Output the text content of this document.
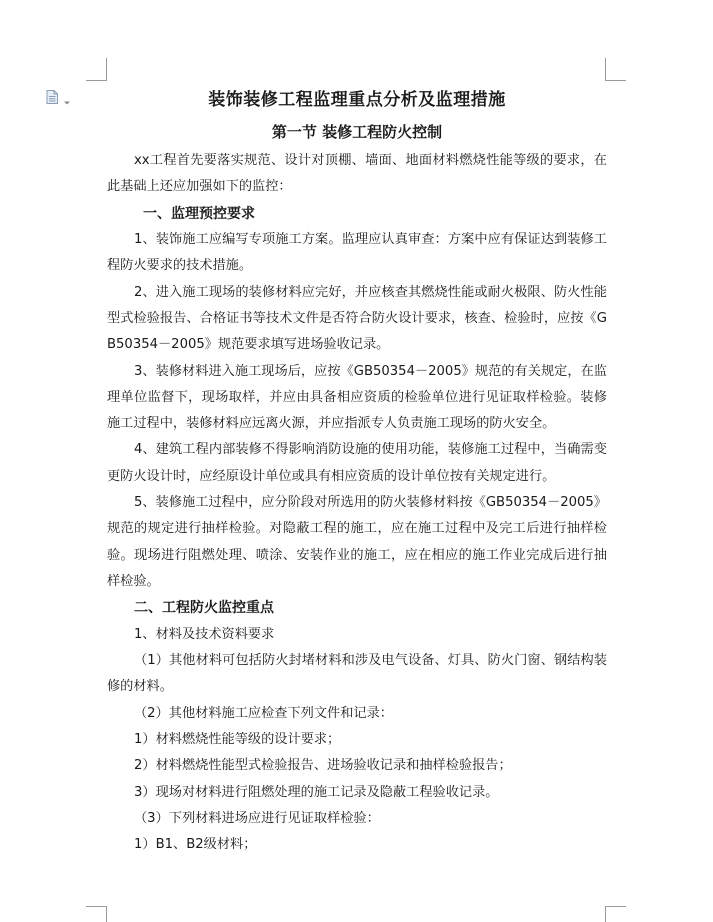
装饰装修工程监理重点分析及监理措施

第一节 装修工程防火控制

xx工程首先要落实规范、设计对顶棚、墙面、地面材料燃烧性能等级的要求，在此基础上还应加强如下的监控：

一、监理预控要求

1、装饰施工应编写专项施工方案。监理应认真审查：方案中应有保证达到装修工程防火要求的技术措施。

2、进入施工现场的装修材料应完好，并应核查其燃烧性能或耐火极限、防火性能型式检验报告、合格证书等技术文件是否符合防火设计要求，核查、检验时，应按《GB50354－2005》规范要求填写进场验收记录。

3、装修材料进入施工现场后，应按《GB50354－2005》规范的有关规定，在监理单位监督下，现场取样，并应由具备相应资质的检验单位进行见证取样检验。装修施工过程中，装修材料应远离火源，并应指派专人负责施工现场的防火安全。

4、建筑工程内部装修不得影响消防设施的使用功能，装修施工过程中，当确需变更防火设计时，应经原设计单位或具有相应资质的设计单位按有关规定进行。

5、装修施工过程中，应分阶段对所选用的防火装修材料按《GB50354－2005》规范的规定进行抽样检验。对隐蔽工程的施工，应在施工过程中及完工后进行抽样检验。现场进行阻燃处理、喷涂、安装作业的施工，应在相应的施工作业完成后进行抽样检验。

二、工程防火监控重点

1、材料及技术资料要求

（1）其他材料可包括防火封堵材料和涉及电气设备、灯具、防火门窗、钢结构装修的材料。

（2）其他材料施工应检查下列文件和记录：

1）材料燃烧性能等级的设计要求；

2）材料燃烧性能型式检验报告、进场验收记录和抽样检验报告；

3）现场对材料进行阻燃处理的施工记录及隐蔽工程验收记录。

（3）下列材料进场应进行见证取样检验：

1）B1、B2级材料；
